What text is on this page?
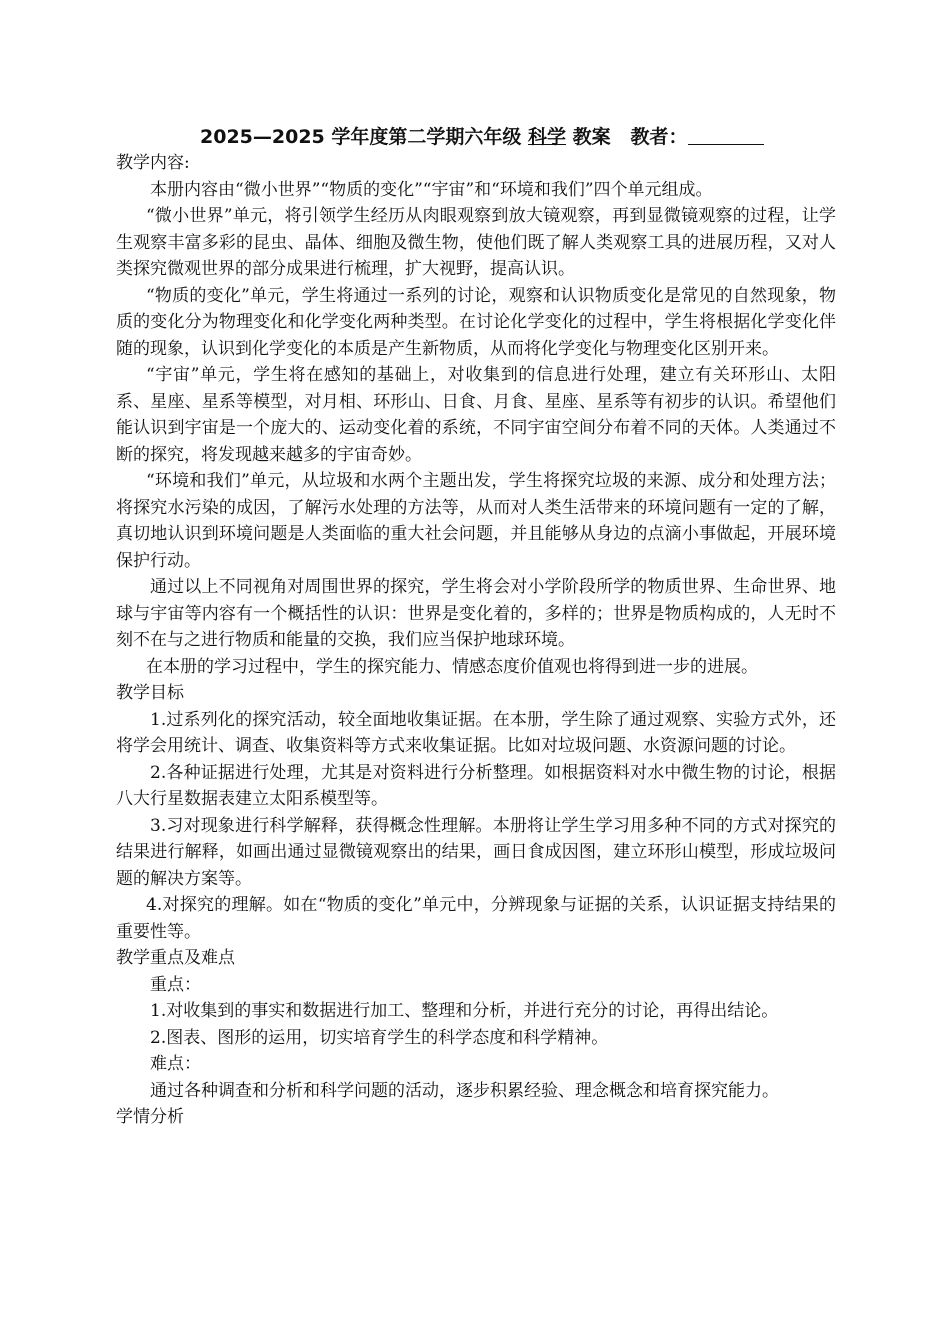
2025—2025 学年度第二学期六年级 科学 教案 教者：

教学内容:

本册内容由“微小世界”“物质的变化”“宇宙”和“环境和我们”四个单元组成。

“微小世界”单元，将引领学生经历从肉眼观察到放大镜观察，再到显微镜观察的过程，让学生观察丰富多彩的昆虫、晶体、细胞及微生物，使他们既了解人类观察工具的进展历程，又对人类探究微观世界的部分成果进行梳理，扩大视野，提高认识。

“物质的变化”单元，学生将通过一系列的讨论，观察和认识物质变化是常见的自然现象，物质的变化分为物理变化和化学变化两种类型。在讨论化学变化的过程中，学生将根据化学变化伴随的现象，认识到化学变化的本质是产生新物质，从而将化学变化与物理变化区别开来。

“宇宙”单元，学生将在感知的基础上，对收集到的信息进行处理，建立有关环形山、太阳系、星座、星系等模型，对月相、环形山、日食、月食、星座、星系等有初步的认识。希望他们能认识到宇宙是一个庞大的、运动变化着的系统，不同宇宙空间分布着不同的天体。人类通过不断的探究，将发现越来越多的宇宙奇妙。

“环境和我们”单元，从垃圾和水两个主题出发，学生将探究垃圾的来源、成分和处理方法；将探究水污染的成因，了解污水处理的方法等，从而对人类生活带来的环境问题有一定的了解，真切地认识到环境问题是人类面临的重大社会问题，并且能够从身边的点滴小事做起，开展环境保护行动。

通过以上不同视角对周围世界的探究，学生将会对小学阶段所学的物质世界、生命世界、地球与宇宙等内容有一个概括性的认识：世界是变化着的，多样的；世界是物质构成的，人无时不刻不在与之进行物质和能量的交换，我们应当保护地球环境。

在本册的学习过程中，学生的探究能力、情感态度价值观也将得到进一步的进展。

教学目标

1.过系列化的探究活动，较全面地收集证据。在本册，学生除了通过观察、实验方式外，还将学会用统计、调查、收集资料等方式来收集证据。比如对垃圾问题、水资源问题的讨论。

2.各种证据进行处理，尤其是对资料进行分析整理。如根据资料对水中微生物的讨论，根据八大行星数据表建立太阳系模型等。

3.习对现象进行科学解释，获得概念性理解。本册将让学生学习用多种不同的方式对探究的结果进行解释，如画出通过显微镜观察出的结果，画日食成因图，建立环形山模型，形成垃圾问题的解决方案等。

4.对探究的理解。如在“物质的变化”单元中，分辨现象与证据的关系，认识证据支持结果的重要性等。

教学重点及难点

重点：

1.对收集到的事实和数据进行加工、整理和分析，并进行充分的讨论，再得出结论。

2.图表、图形的运用，切实培育学生的科学态度和科学精神。

难点：

通过各种调查和分析和科学问题的活动，逐步积累经验、理念概念和培育探究能力。

学情分析
